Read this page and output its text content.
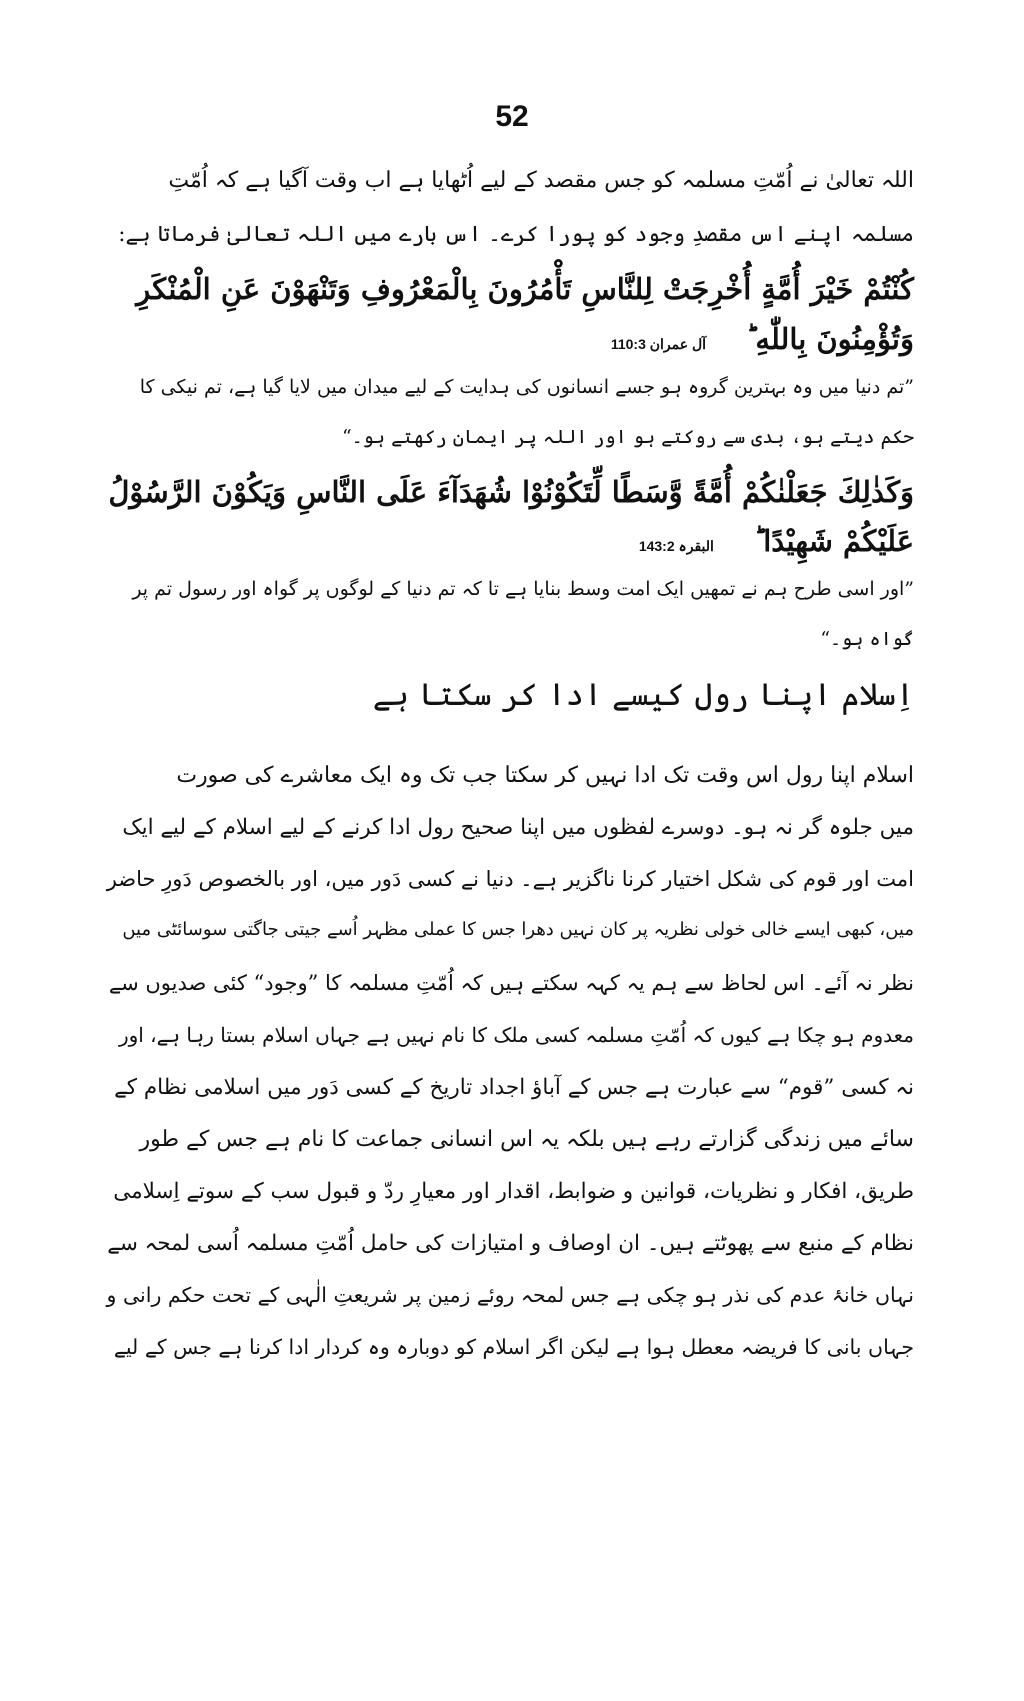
52
اللہ تعالیٰ نے اُمّتِ مسلمہ کو جس مقصد کے لیے اُٹھایا ہے اب وقت آگیا ہے کہ اُمّتِ
مسلمہ اپنے اس مقصدِ وجود کو پورا کرے۔ اس بارے میں اللہ تعالیٰ فرماتا ہے:
كُنْتُمْ خَيْرَ أُمَّةٍ أُخْرِجَتْ لِلنَّاسِ تَأْمُرُونَ بِالْمَعْرُوفِ وَتَنْهَوْنَ عَنِ الْمُنْكَرِ
وَتُؤْمِنُونَ بِاللّٰهِ ؕ آل عمران 110:3
”تم دنیا میں وہ بہترین گروہ ہو جسے انسانوں کی ہدایت کے لیے میدان میں لایا گیا ہے، تم نیکی کا
حکم دیتے ہو، بدی سے روکتے ہو اور اللہ پر ایمان رکھتے ہو۔“
وَكَذٰلِكَ جَعَلْنٰكُمْ أُمَّةً وَّسَطًا لِّتَكُوْنُوْا شُهَدَآءَ عَلَى النَّاسِ وَيَكُوْنَ الرَّسُوْلُ
عَلَيْكُمْ شَهِيْدًا ؕ البقرہ 143:2
”اور اسی طرح ہم نے تمھیں ایک امت وسط بنایا ہے تا کہ تم دنیا کے لوگوں پر گواہ اور رسول تم پر
گواہ ہو۔“
اِسلام اپنا رول کیسے ادا کر سکتا ہے
اسلام اپنا رول اس وقت تک ادا نہیں کر سکتا جب تک وہ ایک معاشرے کی صورت
میں جلوہ گر نہ ہو۔ دوسرے لفظوں میں اپنا صحیح رول ادا کرنے کے لیے اسلام کے لیے ایک
امت اور قوم کی شکل اختیار کرنا ناگزیر ہے۔ دنیا نے کسی دَور میں، اور بالخصوص دَورِ حاضر
میں، کبھی ایسے خالی خولی نظریہ پر کان نہیں دھرا جس کا عملی مظہر اُسے جیتی جاگتی سوسائٹی میں
نظر نہ آئے۔ اس لحاظ سے ہم یہ کہہ سکتے ہیں کہ اُمّتِ مسلمہ کا ”وجود“ کئی صدیوں سے
معدوم ہو چکا ہے کیوں کہ اُمّتِ مسلمہ کسی ملک کا نام نہیں ہے جہاں اسلام بستا رہا ہے، اور
نہ کسی ”قوم“ سے عبارت ہے جس کے آباؤ اجداد تاریخ کے کسی دَور میں اسلامی نظام کے
سائے میں زندگی گزارتے رہے ہیں بلکہ یہ اس انسانی جماعت کا نام ہے جس کے طور
طریق، افکار و نظریات، قوانین و ضوابط، اقدار اور معیارِ ردّ و قبول سب کے سوتے اِسلامی
نظام کے منبع سے پھوٹتے ہیں۔ ان اوصاف و امتیازات کی حامل اُمّتِ مسلمہ اُسی لمحہ سے
نہاں خانۂ عدم کی نذر ہو چکی ہے جس لمحہ روئے زمین پر شریعتِ الٰہی کے تحت حکم رانی و
جہاں بانی کا فریضہ معطل ہوا ہے لیکن اگر اسلام کو دوبارہ وہ کردار ادا کرنا ہے جس کے لیے
